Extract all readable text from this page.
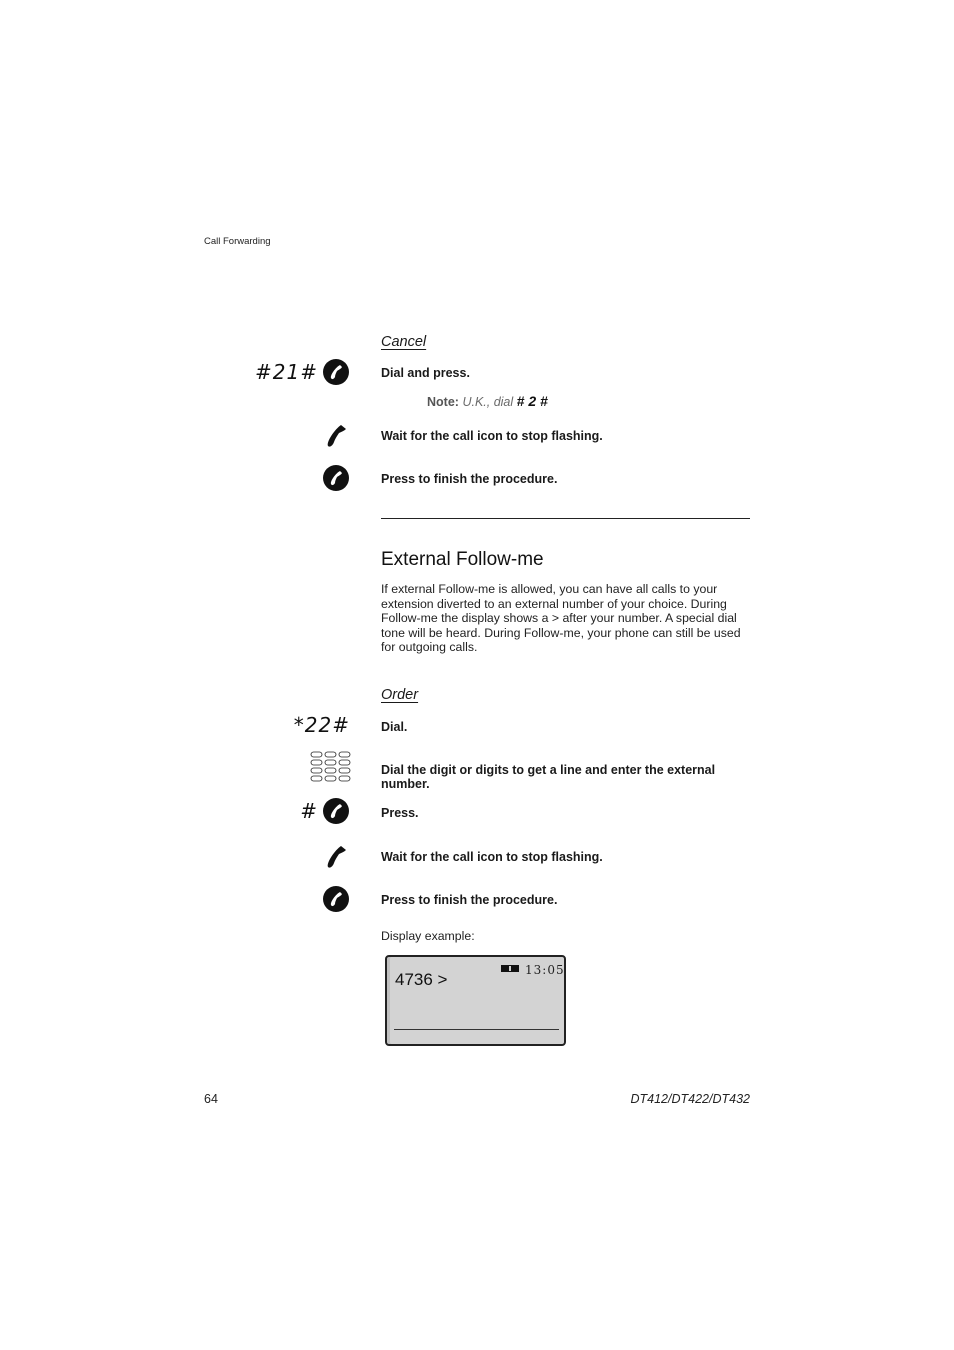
Call Forwarding
Cancel
#21#	Dial and press.
Note: U.K., dial # 2 #
Wait for the call icon to stop flashing.
Press to finish the procedure.
External Follow-me
If external Follow-me is allowed, you can have all calls to your extension diverted to an external number of your choice. During Follow-me the display shows a > after your number. A special dial tone will be heard. During Follow-me, your phone can still be used for outgoing calls.
Order
*22# Dial.
Dial the digit or digits to get a line and enter the external number.
#	Press.
Wait for the call icon to stop flashing.
Press to finish the procedure.
Display example:
13:05
4736 >
64	DT412/DT422/DT432
